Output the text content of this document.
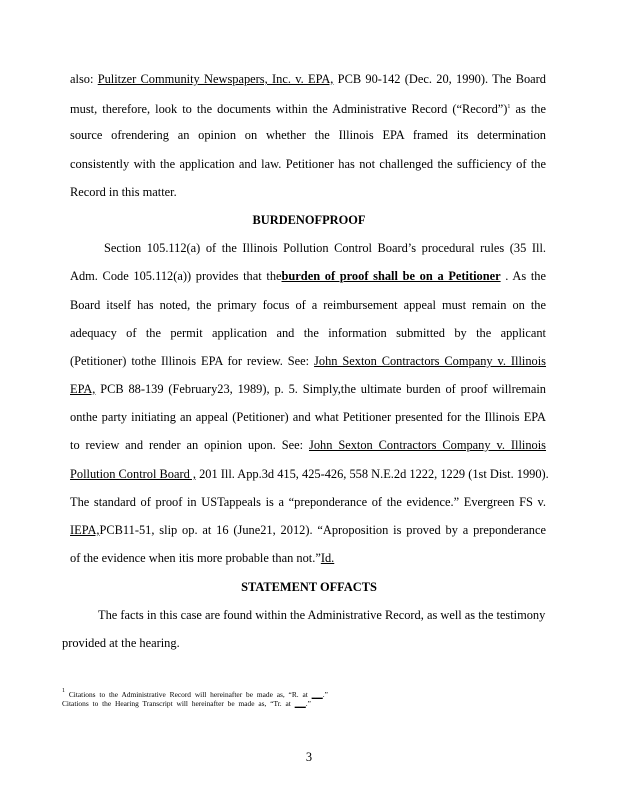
also: Pulitzer Community Newspapers, Inc. v. EPA, PCB 90-142 (Dec. 20, 1990). The Board
must, therefore, look to the documents within the Administrative Record (“Record”)$^1$ as the
source ofrendering an opinion on whether the Illinois EPA framed its determination
consistently with the application and law. Petitioner has not challenged the sufficiency of the
Record in this matter.
BURDENOFPROOF
Section 105.112(a) of the Illinois Pollution Control Board’s procedural rules (35 Ill.
Adm. Code 105.112(a)) provides that theburden of proof shall be on a Petitioner . As the
Board itself has noted, the primary focus of a reimbursement appeal must remain on the
adequacy of the permit application and the information submitted by the applicant
(Petitioner) tothe Illinois EPA for review. See: John Sexton Contractors Company v. Illinois
EPA, PCB 88-139 (February23, 1989), p. 5. Simply,the ultimate burden of proof willremain
onthe party initiating an appeal (Petitioner) and what Petitioner presented for the Illinois EPA
to review and render an opinion upon. See: John Sexton Contractors Company v. Illinois
Pollution Control Board , 201 Ill. App.3d 415, 425-426, 558 N.E.2d 1222, 1229 (1st Dist. 1990).
The standard of proof in USTappeals is a “preponderance of the evidence.” Evergreen FS v.
IEPA,PCB11-51, slip op. at 16 (June21, 2012). “Aproposition is proved by a preponderance
of the evidence when itis more probable than not.”Id.
STATEMENT OFFACTS
The facts in this case are found within the Administrative Record, as well as the testimony
provided at the hearing.
$^1$ Citations to the Administrative Record will hereinafter be made as, “R. at ___.”
Citations to the Hearing Transcript will hereinafter be made as, “Tr. at ___.”
3
